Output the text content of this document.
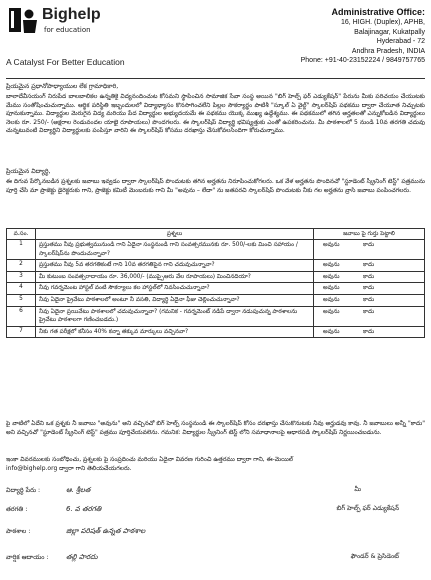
Bighelp
for education
A Catalyst For Better Education
Administrative Office:
16, HIGH. (Duplex), APHB,
Balajinagar, Kukatpally
Hyderabad - 72
Andhra Pradesh, INDIA
Phone: +91-40-23152224 / 9849757765
ప్రియమైన ప్రధానోపాధ్యాయుల లేక గ్రామాధికారి,
బాలాదేవీసయంగ్ నిరుపేద బాలబాలికల ఉన్నతికై విద్యనందించుట కోసమని స్థాపించిన సామాజిక సేవా సంస్థ అయిన "బిగ్ హెల్ప్ ఫర్ ఎడ్యుకేషన్" పేరును మీకు పరిచయం చేయుటకు మేము సంతోషించుచున్నాము. ఆర్థిక పరిస్థితి ఇబ్బందులలో విద్యాభ్యాసం కొనసాగించలేని పిల్లల సౌకర్యార్థం పాటిశీ "స్కూల్ ఏ వైల్డ్" స్కాలర్‌షిప్ పథకము ద్వారా చేయూత నిచ్చుటకు పూనుకున్నాము. విద్యార్థుల మెరుగైన విద్య మరియు పేద విద్యార్థుల అభ్యుదయమే ఈ పథకము యొక్క ముఖ్య ఉద్దేశ్యము. ఈ పథకములో తగిన అర్హతలతో ఎన్నుకోబడిన విద్యార్థులు నెలకు రూ. 250/- (అక్షరాల రెండువందల యాభై రూపాయలు) పొందగలరు. ఈ స్కాలర్‌షిప్ విద్యార్థి భవిష్యత్తుకు ఎంతో ఉపకరించును. మీ పాఠశాలలో 5 నుండి 10వ తరగతి చదువు చున్నటువంటి విద్యార్థిని విద్యార్థులకు పంపిస్తూ వారిని ఈ స్కాలర్‌షిప్ కోసము దరఖాస్తు చేసుకోవలసిందిగా కోరుచున్నాము.
ప్రియమైన విద్యార్థి,
ఈ దిగువ పేర్కొనబడిన ప్రశ్నలకు జవాబు ఇవ్వడం ద్వారా స్కాలర్‌షిప్ పొందుటకు తగిన అర్హతను నిరూపించుకోగలరు. ఒక వేళ అర్హతను పొందినచో "స్టూడెంట్ స్క్రీనింగ్ టెస్ట్" పత్రమును పూర్తి చేసి మా ప్రాజెక్టు డైరెక్టరుకు గాని, ప్రాజెక్టు కమిటీ మెంబరుకు గాని మీ "అవును – లేదా" ను జతపరచి స్కాలర్‌షిప్ పొందుటకు నీకు గల అర్హతను వ్రాసి జవాబు పంపించగలరు.
వ.సం.	ప్రశ్నలు	జవాబు పై గుర్తు పెట్టాలి
1	ప్రస్తుతము నీవు ప్రభుత్వమునుండి గాని ఏదైనా సంస్థనుండి గాని సంవత్సరమునకు రూ. 500/-లకు మించి సహాయం / స్కాలర్‌షిప్‌ను పొందుచున్నావా?	అవును కాదు
2	ప్రస్తుతము నీవు 5వ తరగతికంటే గాని 10వ తరగతిపైన గాని చదువుచున్నావా?	అవును కాదు
3	మీ కుటుంబ సంవత్సరాదాయం రూ. 36,000/- (ముప్పైఆరు వేల రూపాయలు) మించినదియా?	అవును కాదు
4	నీవు గవర్నమెంట హాస్టల్ వంటి సౌకర్యాలు కల హాస్టల్‌లో నివసించుచున్నావా?	అవును కాదు
5	నీవు ఏదైనా ప్రైవేటు పాఠశాలలో అంటూ నీ వసతి, విద్యార్థి ఏదైనా ఫీజు చెల్లించుచున్నావా?	అవును కాదు
6	నీవు ఏదైనా ప్రయివేటు పాఠశాలలో చదువుచున్నావా? (గమనిక - గవర్నమెంట్ నడిపే ద్వారా నడుపుచున్న పాఠశాలను ప్రైవేటు పాఠశాలగా గణించబడదు.)	అవును కాదు
7	నీకు గత పరీక్షలో కనీసం 40% కన్నా తక్కువ మార్కులు వచ్చినవా?	అవును కాదు
పై వాటిలో ఏదేని ఒక ప్రశ్నకు నీ జవాబు "అవును" అని వచ్చినచో బిగ్ హెల్ప్ సంస్థనుండి ఈ స్కాలర్‌షిప్ కోసం దరఖాస్తు చేసుకొనుటకు నీవు అర్హుడవు కావు. నీ జవాబులు అన్నీ "కాదు" అని వచ్చినచో "స్టూడెంట్ స్క్రీనింగ్ టెస్ట్" పత్రము పూర్తిచేయవలెను. గమనిక: విద్యార్థుల స్క్రీనింగ్ టెస్ట్ లోని సమాధానాలపై ఆధారపడి స్కాలర్‌షిప్ నిర్ణయించబడును.
ఇంకా వివరములకు సంబోధించు, ప్రశ్నలకు పై సంప్రదించు మరియు ఏదైనా వివరణ గురించి ఉత్తరము ద్వారా గాని, ఈ-మెయిల్
info@bighelp.org ద్వారా గాని తెలియచేయగలరు.
విద్యార్థి పేరు :	ఆ. శ్రీలత
తరగతి :	6. వ తరగతి
పాఠశాల :	జిల్లా పరిషత్ ఉన్నత పాఠశాల
వార్షిక ఆదాయం : తల్లి పారదు
మీ
బిగ్ హెల్ప్ ఫర్ ఎడ్యుకేషన్
ఫౌండర్ & ప్రెసిడెంట్
